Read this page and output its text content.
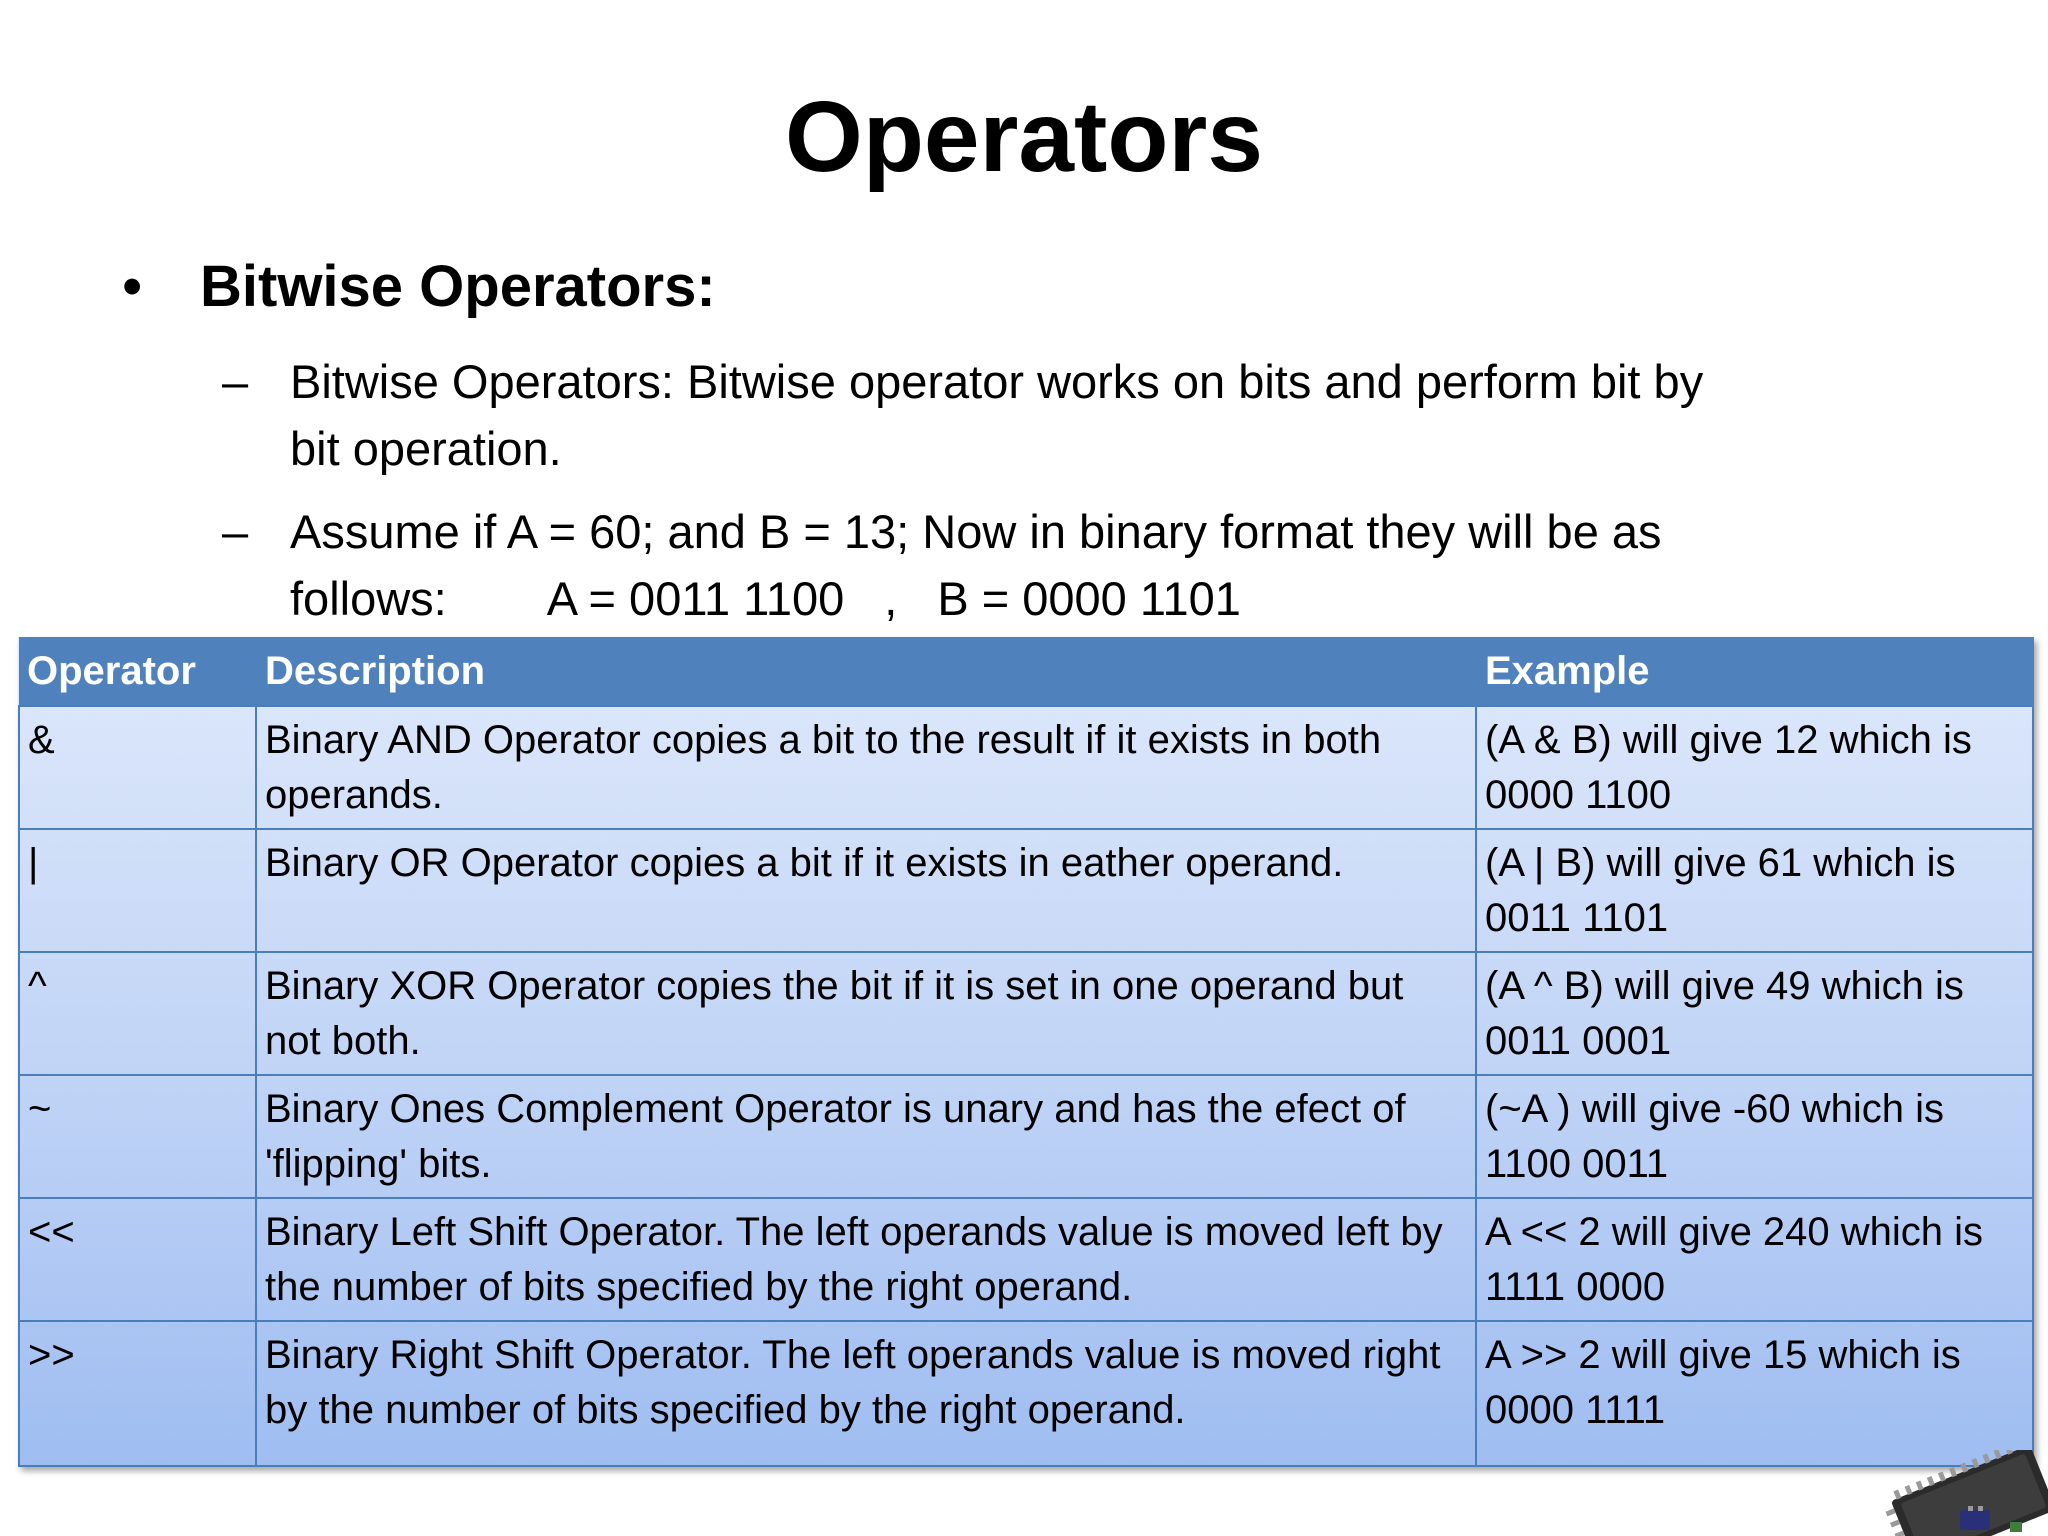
Operators
• Bitwise Operators:
– Bitwise Operators: Bitwise operator works on bits and perform bit by
bit operation.
– Assume if A = 60; and B = 13; Now in binary format they will be as
follows: A = 0011 1100 , B = 0000 1101
Operator	Description	Example
&	Binary AND Operator copies a bit to the result if it exists in both operands.	(A & B) will give 12 which is 0000 1100
|	Binary OR Operator copies a bit if it exists in eather operand.	(A | B) will give 61 which is 0011 1101
^	Binary XOR Operator copies the bit if it is set in one operand but not both.	(A ^ B) will give 49 which is 0011 0001
~	Binary Ones Complement Operator is unary and has the efect of 'flipping' bits.	(~A ) will give -60 which is 1100 0011
<<	Binary Left Shift Operator. The left operands value is moved left by the number of bits specified by the right operand.	A << 2 will give 240 which is 1111 0000
>>	Binary Right Shift Operator. The left operands value is moved right by the number of bits specified by the right operand.	A >> 2 will give 15 which is 0000 1111
